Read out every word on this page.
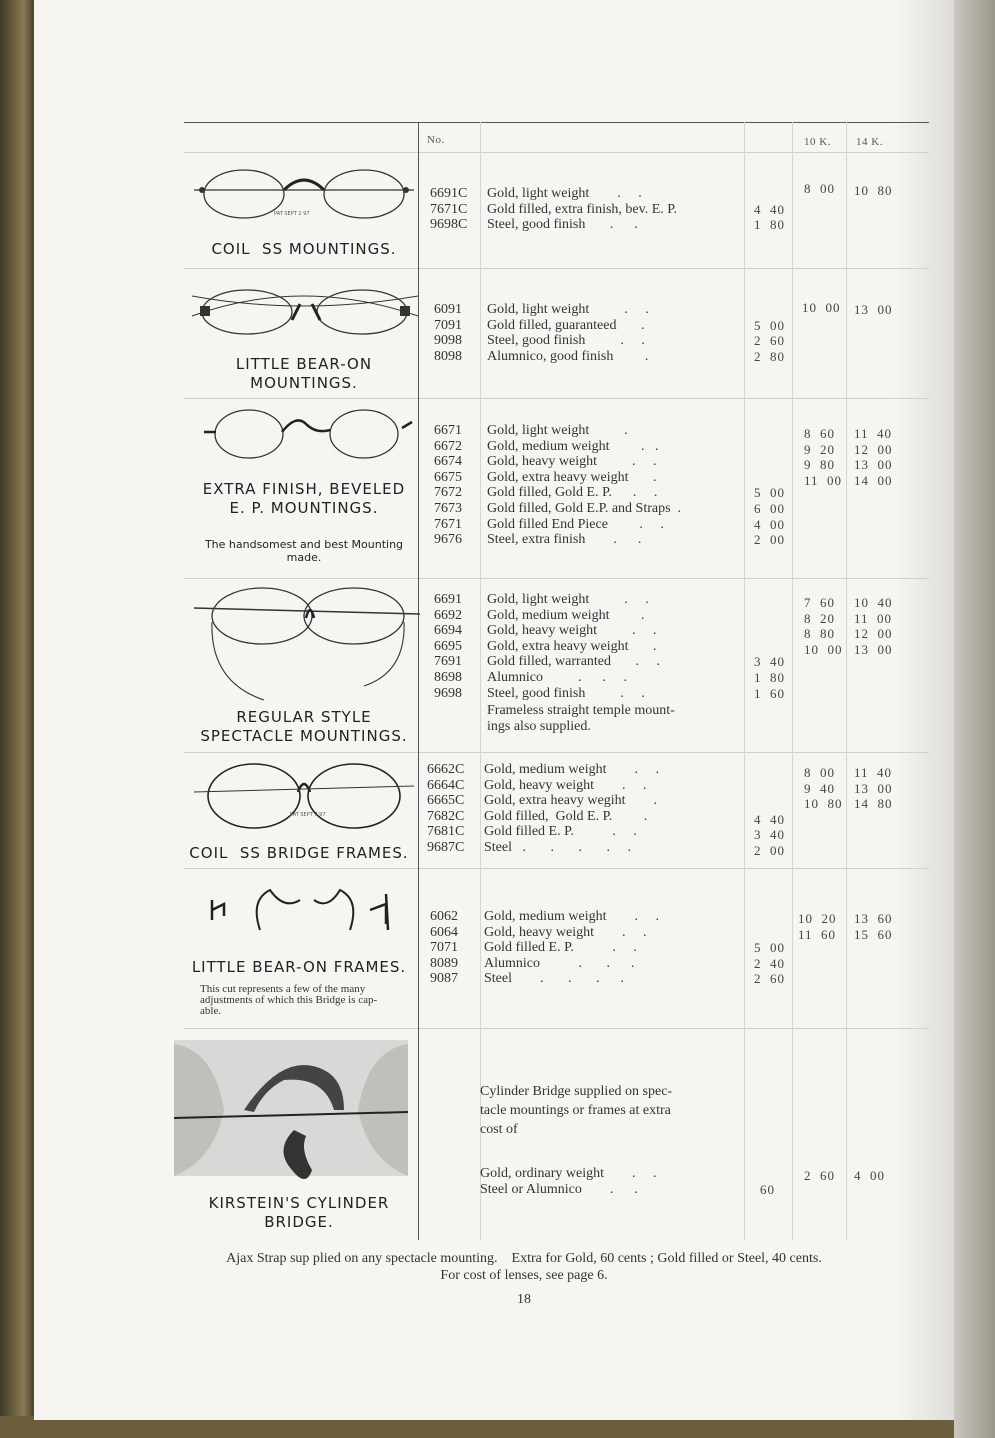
No.	10 K. 14 K.
PAT SEPT 2 97
COIL  SS MOUNTINGS.
6691C
7671C
9698C
Gold, light weight        .     .
Gold filled, extra finish, bev. E. P.
Steel, good finish       .      .

4  40
1  80
8  00 10  80
LITTLE BEAR-ON
MOUNTINGS.
6091
7091
9098
8098
Gold, light weight          .     .
Gold filled, guaranteed       .
Steel, good finish          .     .
Alumnico, good finish         .

5  00
2  60
2  80
10  00 13  00
EXTRA FINISH, BEVELED
E. P. MOUNTINGS.
The handsomest and best Mounting
made.
6671
6672
6674
6675
7672
7673
7671
9676
Gold, light weight          .
Gold, medium weight         .   .
Gold, heavy weight          .     .
Gold, extra heavy weight       .
Gold filled, Gold E. P.      .     .
Gold filled, Gold E.P. and Straps  .
Gold filled End Piece         .     .
Steel, extra finish        .      .

5  00
6  00
4  00
2  00
8  60
9  20
9  80
11  00
11  40
12  00
13  00
14  00
REGULAR STYLE
SPECTACLE MOUNTINGS.
6691
6692
6694
6695
7691
8698
9698
Gold, light weight          .     .
Gold, medium weight         .
Gold, heavy weight          .     .
Gold, extra heavy weight       .
Gold filled, warranted       .     .
Alumnico          .      .     .
Steel, good finish          .     .
Frameless straight temple mount-
ings also supplied.

3  40
1  80
1  60
7  60
8  20
8  80
10  00
10  40
11  00
12  00
13  00
PAT SEPT 7 97
COIL  SS BRIDGE FRAMES.
6662C
6664C
6665C
7682C
7681C
9687C
Gold, medium weight        .     .
Gold, heavy weight        .     .
Gold, extra heavy wegiht        .
Gold filled,  Gold E. P.         .
Gold filled E. P.           .     .
Steel   .       .       .       .     .

4  40
3  40
2  00
8  00
9  40
10  80
11  40
13  00
14  80
LITTLE BEAR-ON FRAMES.
This cut represents a few of the many
adjustments of which this Bridge is cap-
able.
6062
6064
7071
8089
9087
Gold, medium weight        .     .
Gold, heavy weight        .     .
Gold filled E. P.           .     .
Alumnico           .       .      .
Steel        .       .       .      .

5  00
2  40
2  60
10  20
11  60
13  60
15  60
KIRSTEIN'S CYLINDER
BRIDGE.
Cylinder Bridge supplied on spec-
tacle mountings or frames at extra
cost of
Gold, ordinary weight        .     .
Steel or Alumnico        .      .	
60
2  60 4  00
Ajax Strap sup plied on any spectacle mounting.    Extra for Gold, 60 cents ; Gold filled or Steel, 40 cents.
For cost of lenses, see page 6.
18
